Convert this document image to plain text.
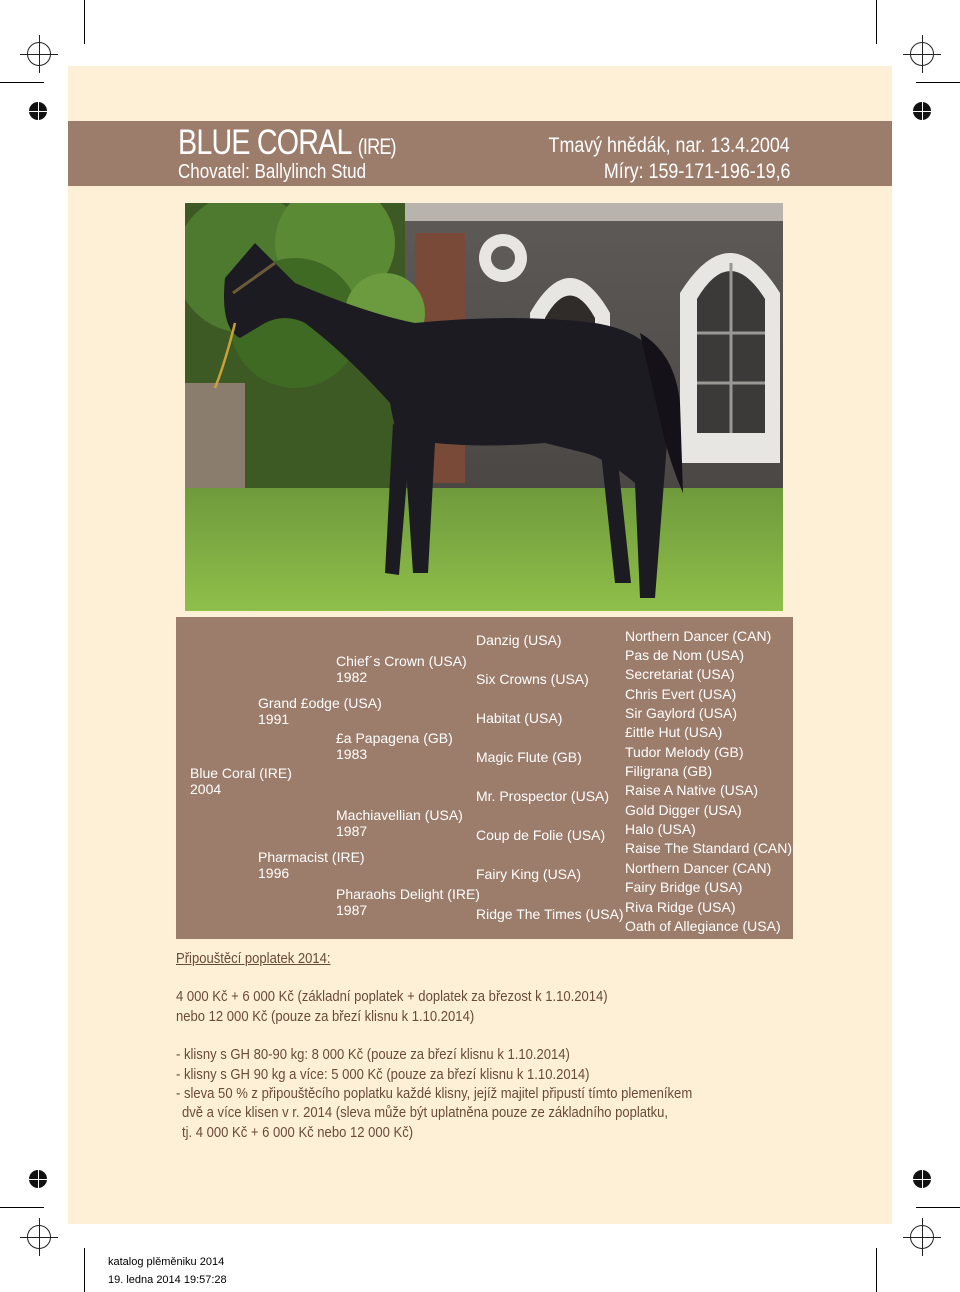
BLUE CORAL (IRE)
Chovatel: Ballylinch Stud
Tmavý hnědák, nar. 13.4.2004
Míry: 159-171-196-19,6
Blue Coral (IRE)
2004
Grand £odge (USA)
1991
Pharmacist (IRE)
1996
Chief´s Crown (USA)
1982
£a Papagena (GB)
1983
Machiavellian (USA)
1987
Pharaohs Delight (IRE)
1987
Danzig (USA)
Six Crowns (USA)
Habitat (USA)
Magic Flute (GB)
Mr. Prospector (USA)
Coup de Folie (USA)
Fairy King (USA)
Ridge The Times (USA)
Northern Dancer (CAN)
Pas de Nom (USA)
Secretariat (USA)
Chris Evert (USA)
Sir Gaylord (USA)
£ittle Hut (USA)
Tudor Melody (GB)
Filigrana (GB)
Raise A Native (USA)
Gold Digger (USA)
Halo (USA)
Raise The Standard (CAN)
Northern Dancer (CAN)
Fairy Bridge (USA)
Riva Ridge (USA)
Oath of Allegiance (USA)
Připouštěcí poplatek 2014:
4 000 Kč + 6 000 Kč (základní poplatek + doplatek za březost k 1.10.2014)
nebo 12 000 Kč (pouze za březí klisnu k 1.10.2014)
- klisny s GH 80-90 kg: 8 000 Kč (pouze za březí klisnu k 1.10.2014)
- klisny s GH 90 kg a více: 5 000 Kč (pouze za březí klisnu k 1.10.2014)
- sleva 50 % z připouštěcího poplatku každé klisny, jejíž majitel připustí tímto plemeníkem
dvě a více klisen v r. 2014 (sleva může být uplatněna pouze ze základního poplatku,
tj. 4 000 Kč + 6 000 Kč nebo 12 000 Kč)
katalog plěměniku 2014
19. ledna 2014 19:57:28
